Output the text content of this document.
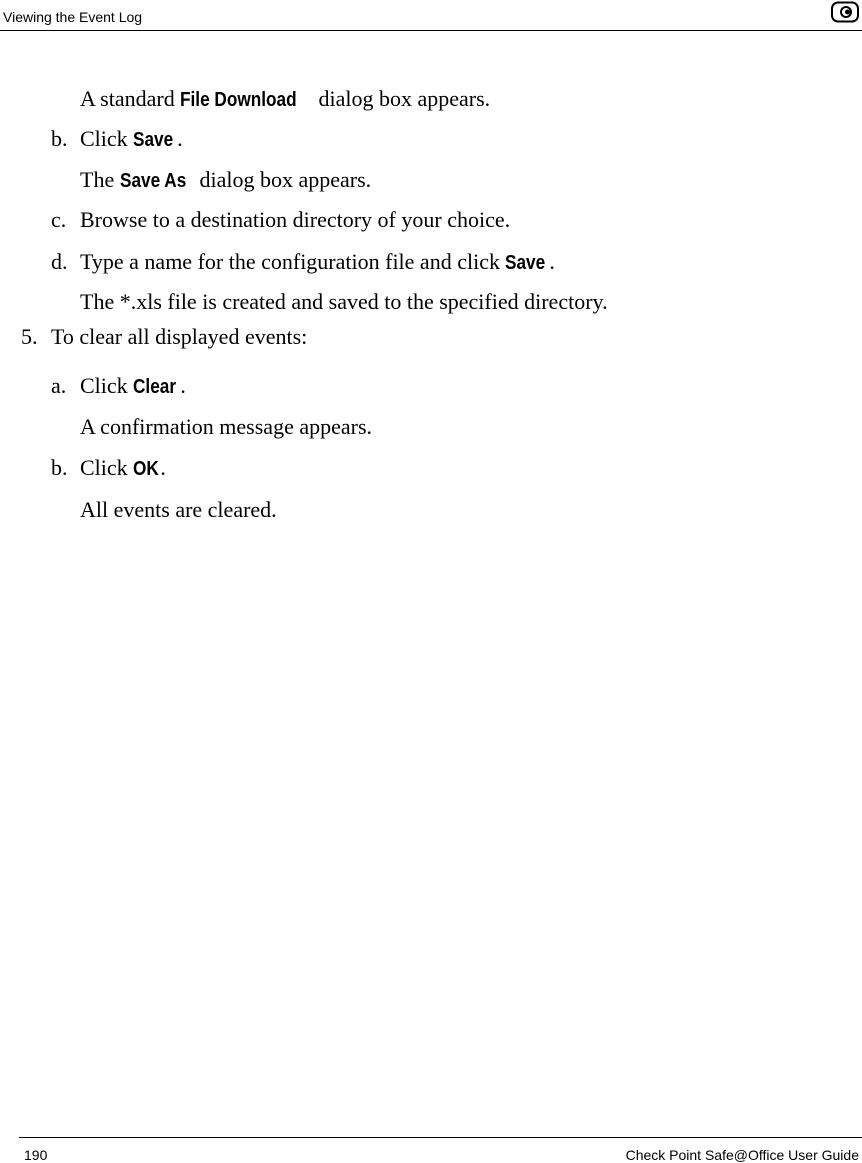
Viewing the Event Log
A standard File Download dialog box appears.
b. Click Save .
The Save As dialog box appears.
c. Browse to a destination directory of your choice.
d. Type a name for the configuration file and click Save .
The *.xls file is created and saved to the specified directory.
5. To clear all displayed events:
a. Click Clear .
A confirmation message appears.
b. Click OK.
All events are cleared.
190	Check Point Safe@Office User Guide
